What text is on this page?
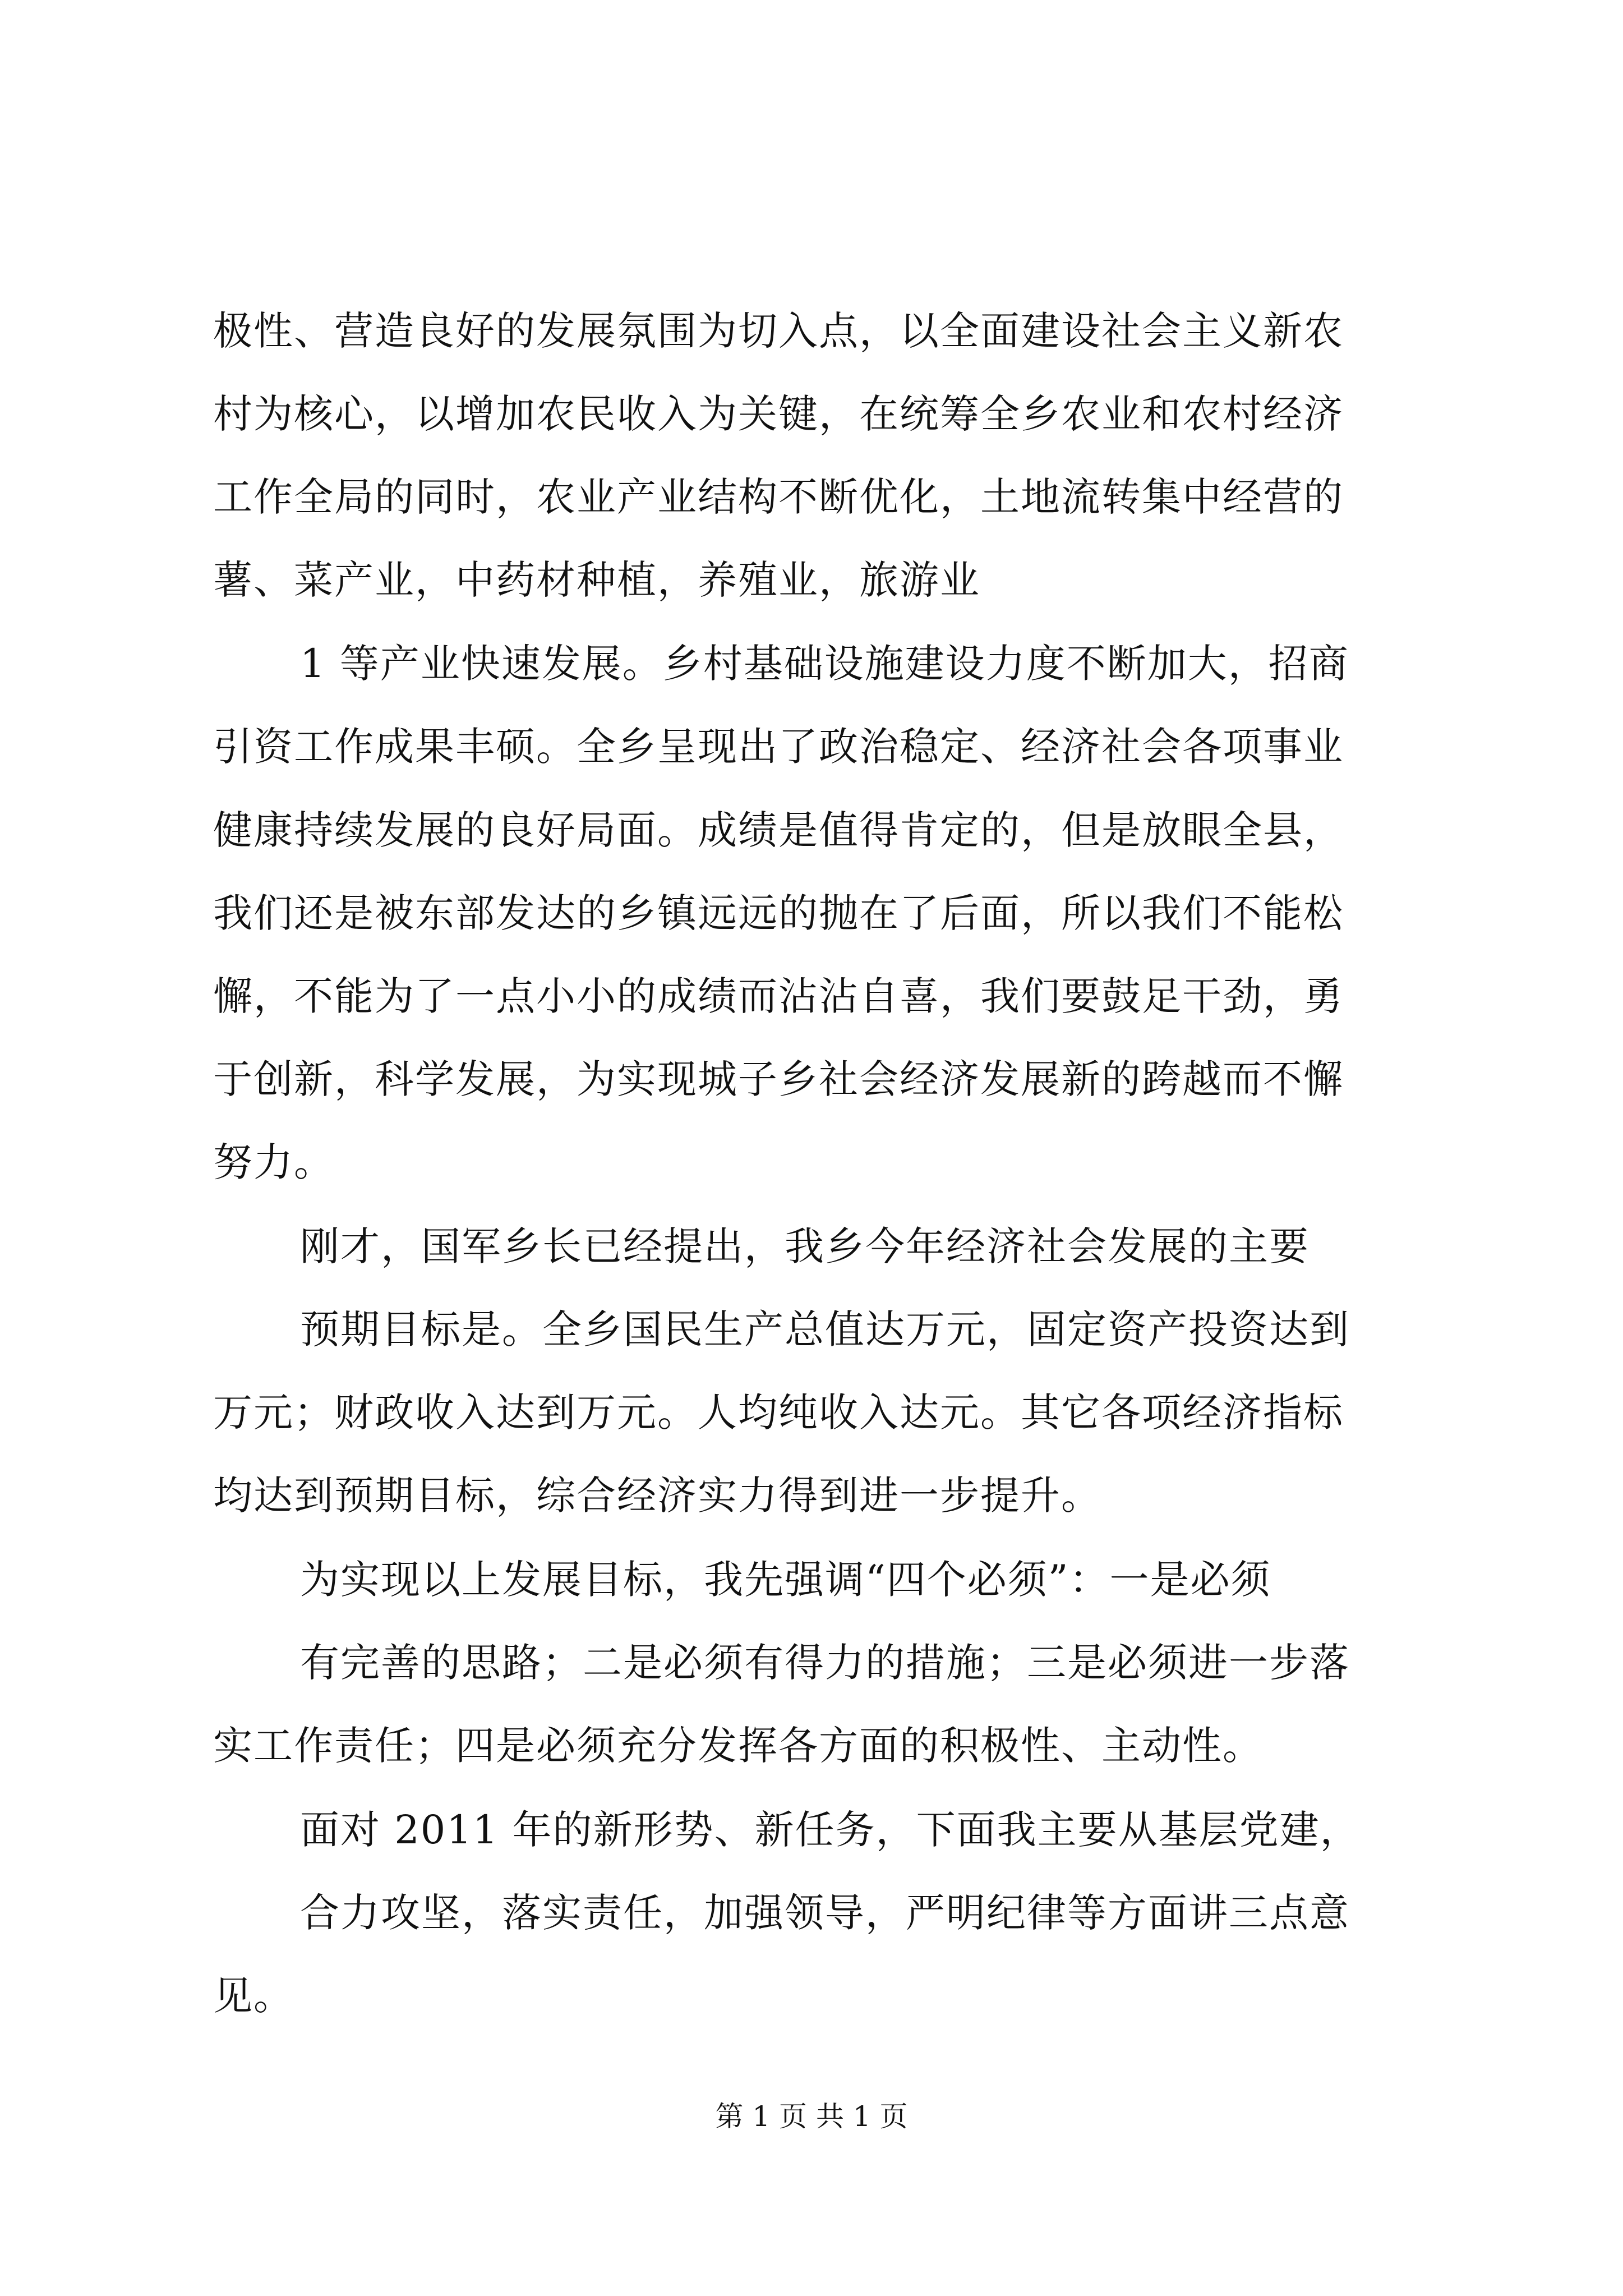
极性、营造良好的发展氛围为切入点，以全面建设社会主义新农

村为核心，以增加农民收入为关键，在统筹全乡农业和农村经济

工作全局的同时，农业产业结构不断优化，土地流转集中经营的

薯、菜产业，中药材种植，养殖业，旅游业

1 等产业快速发展。乡村基础设施建设力度不断加大，招商

引资工作成果丰硕。全乡呈现出了政治稳定、经济社会各项事业

健康持续发展的良好局面。成绩是值得肯定的，但是放眼全县，

我们还是被东部发达的乡镇远远的抛在了后面，所以我们不能松

懈，不能为了一点小小的成绩而沾沾自喜，我们要鼓足干劲，勇

于创新，科学发展，为实现城子乡社会经济发展新的跨越而不懈

努力。

刚才，国军乡长已经提出，我乡今年经济社会发展的主要

预期目标是。全乡国民生产总值达万元，固定资产投资达到

万元；财政收入达到万元。人均纯收入达元。其它各项经济指标

均达到预期目标，综合经济实力得到进一步提升。

为实现以上发展目标，我先强调“四个必须”：一是必须

有完善的思路；二是必须有得力的措施；三是必须进一步落

实工作责任；四是必须充分发挥各方面的积极性、主动性。

面对 2011 年的新形势、新任务，下面我主要从基层党建，

合力攻坚，落实责任，加强领导，严明纪律等方面讲三点意

见。

第 1 页 共 1 页
